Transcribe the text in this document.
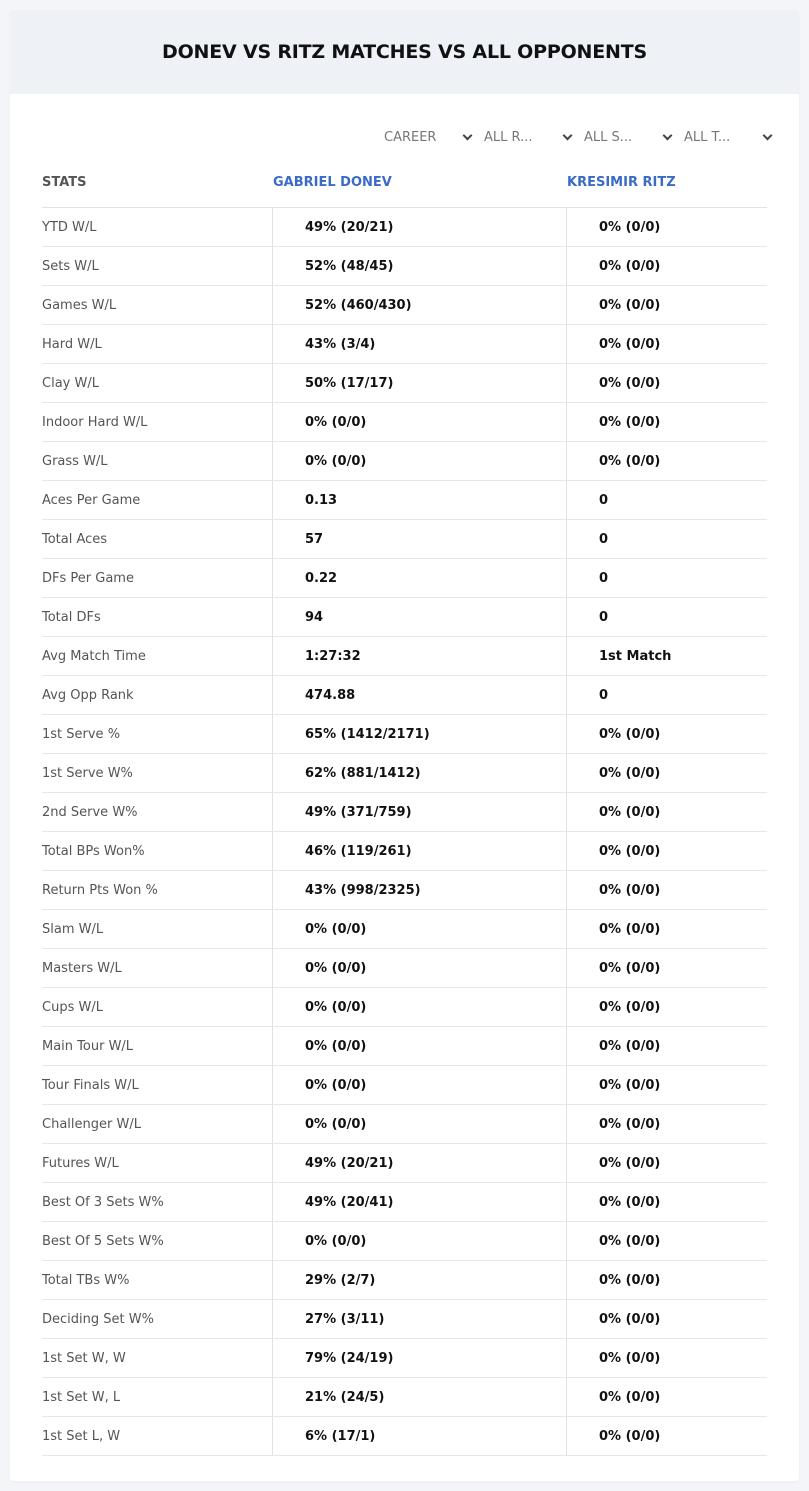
DONEV VS RITZ MATCHES VS ALL OPPONENTS
CAREER	ALL R...	ALL S...	ALL T...
STATS	GABRIEL DONEV	KRESIMIR RITZ
YTD W/L	49% (20/21)	0% (0/0)
Sets W/L	52% (48/45)	0% (0/0)
Games W/L	52% (460/430)	0% (0/0)
Hard W/L	43% (3/4)	0% (0/0)
Clay W/L	50% (17/17)	0% (0/0)
Indoor Hard W/L	0% (0/0)	0% (0/0)
Grass W/L	0% (0/0)	0% (0/0)
Aces Per Game	0.13	0
Total Aces	57	0
DFs Per Game	0.22	0
Total DFs	94	0
Avg Match Time	1:27:32	1st Match
Avg Opp Rank	474.88	0
1st Serve %	65% (1412/2171)	0% (0/0)
1st Serve W%	62% (881/1412)	0% (0/0)
2nd Serve W%	49% (371/759)	0% (0/0)
Total BPs Won%	46% (119/261)	0% (0/0)
Return Pts Won %	43% (998/2325)	0% (0/0)
Slam W/L	0% (0/0)	0% (0/0)
Masters W/L	0% (0/0)	0% (0/0)
Cups W/L	0% (0/0)	0% (0/0)
Main Tour W/L	0% (0/0)	0% (0/0)
Tour Finals W/L	0% (0/0)	0% (0/0)
Challenger W/L	0% (0/0)	0% (0/0)
Futures W/L	49% (20/21)	0% (0/0)
Best Of 3 Sets W%	49% (20/41)	0% (0/0)
Best Of 5 Sets W%	0% (0/0)	0% (0/0)
Total TBs W%	29% (2/7)	0% (0/0)
Deciding Set W%	27% (3/11)	0% (0/0)
1st Set W, W	79% (24/19)	0% (0/0)
1st Set W, L	21% (24/5)	0% (0/0)
1st Set L, W	6% (17/1)	0% (0/0)
